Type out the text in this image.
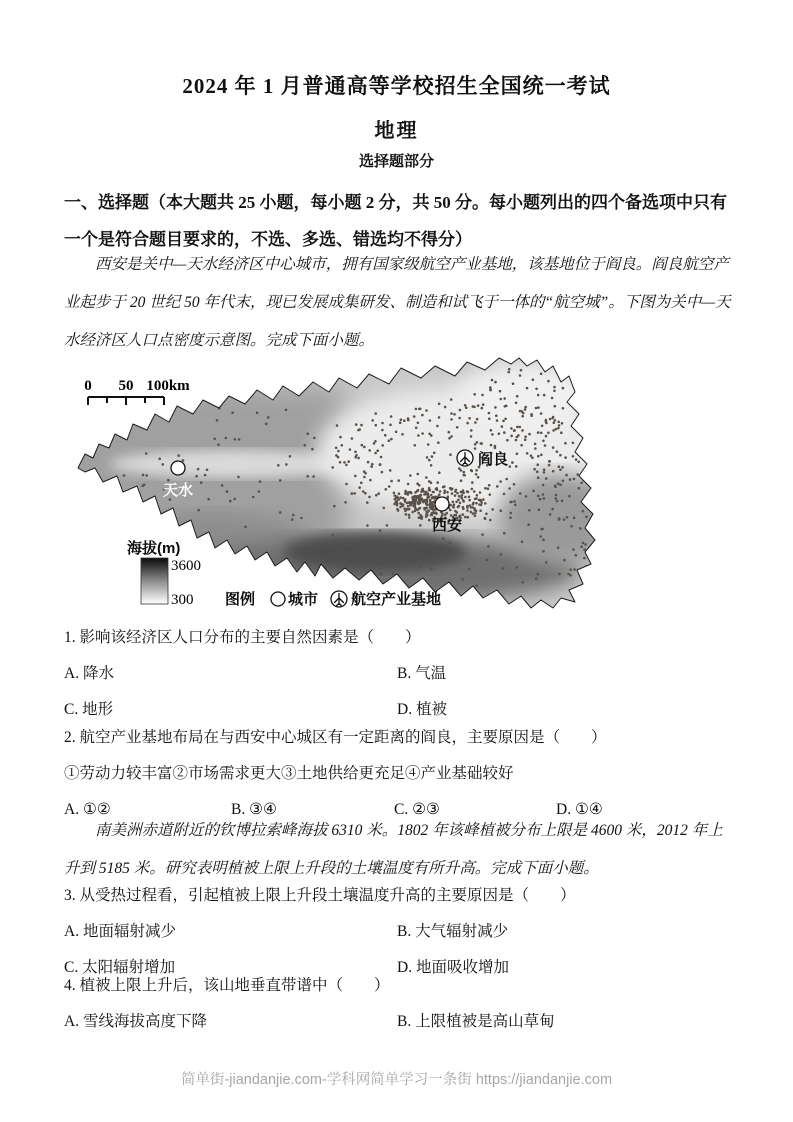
2024 年 1 月普通高等学校招生全国统一考试
地理
选择题部分
一、选择题（本大题共 25 小题，每小题 2 分，共 50 分。每小题列出的四个备选项中只有一个是符合题目要求的，不选、多选、错选均不得分）
西安是关中—天水经济区中心城市，拥有国家级航空产业基地，该基地位于阎良。阎良航空产业起步于 20 世纪 50 年代末，现已发展成集研发、制造和试飞于一体的“航空城”。下图为关中—天水经济区人口点密度示意图。完成下面小题。
0 50 100km
天水
西安
阎良
海拔(m)
3600
300 图例 城市 航空产业基地
1. 影响该经济区人口分布的主要自然因素是（　　）
A. 降水	B. 气温
C. 地形	D. 植被
2. 航空产业基地布局在与西安中心城区有一定距离的阎良，主要原因是（　　）
①劳动力较丰富②市场需求更大③土地供给更充足④产业基础较好
A. ①②	B. ③④	C. ②③	D. ①④
南美洲赤道附近的钦博拉索峰海拔 6310 米。1802 年该峰植被分布上限是 4600 米，2012 年上升到 5185 米。研究表明植被上限上升段的土壤温度有所升高。完成下面小题。
3. 从受热过程看，引起植被上限上升段土壤温度升高的主要原因是（　　）
A. 地面辐射减少	B. 大气辐射减少
C. 太阳辐射增加	D. 地面吸收增加
4. 植被上限上升后，该山地垂直带谱中（　　）
A. 雪线海拔高度下降	B. 上限植被是高山草甸
简单街-jiandanjie.com-学科网简单学习一条街 https://jiandanjie.com
